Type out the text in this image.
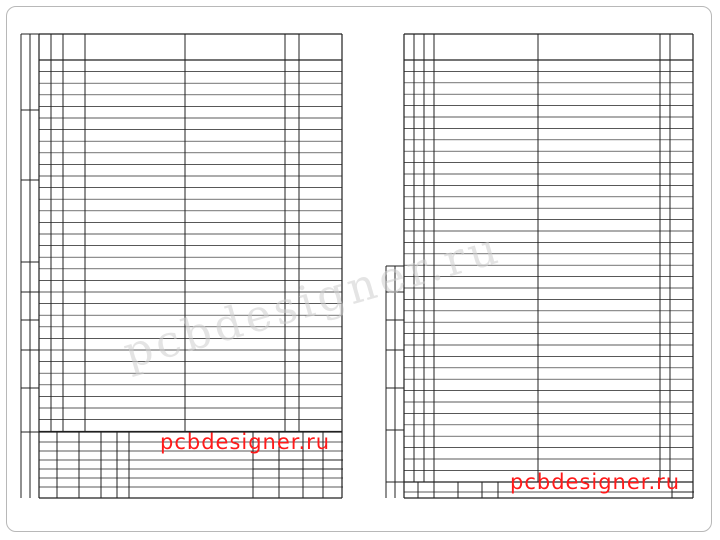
pcbdesigner.ru
pcbdesigner.ru
pcbdesigner.ru
